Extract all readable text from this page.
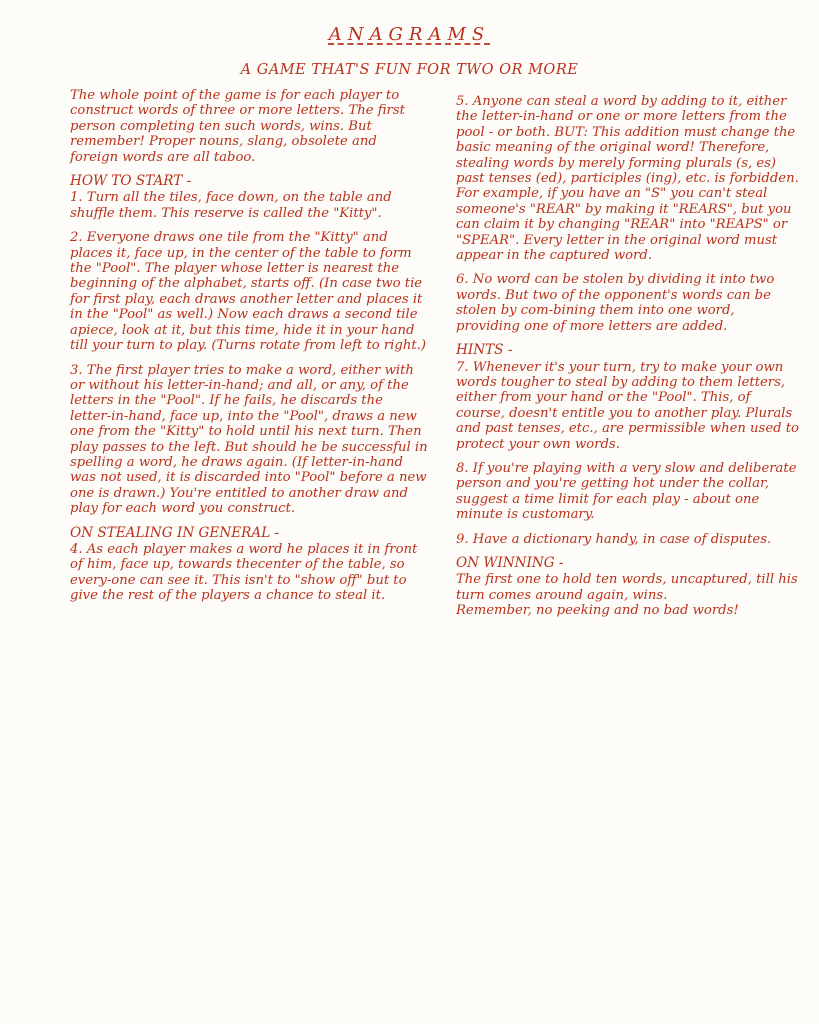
ANAGRAMS
A GAME THAT'S FUN FOR TWO OR MORE

The whole point of the game is for each player to construct words of three or more letters. The first person completing ten such words, wins. But remember! Proper nouns, slang, obsolete and foreign words are all taboo.

HOW TO START -

1. Turn all the tiles, face down, on the table and shuffle them. This reserve is called the "Kitty".

2. Everyone draws one tile from the "Kitty" and places it, face up, in the center of the table to form the "Pool". The player whose letter is nearest the beginning of the alphabet, starts off. (In case two tie for first play, each draws another letter and places it in the "Pool" as well.) Now each draws a second tile apiece, look at it, but this time, hide it in your hand till your turn to play. (Turns rotate from left to right.)

3. The first player tries to make a word, either with or without his letter-in-hand; and all, or any, of the letters in the "Pool". If he fails, he discards the letter-in-hand, face up, into the "Pool", draws a new one from the "Kitty" to hold until his next turn. Then play passes to the left. But should he be successful in spelling a word, he draws again. (If letter-in-hand was not used, it is discarded into "Pool" before a new one is drawn.) You're entitled to another draw and play for each word you construct.

ON STEALING IN GENERAL -

4. As each player makes a word he places it in front of him, face up, towards thecenter of the table, so every-one can see it. This isn't to "show off" but to give the rest of the players a chance to steal it.

5. Anyone can steal a word by adding to it, either the letter-in-hand or one or more letters from the pool - or both. BUT: This addition must change the basic meaning of the original word! Therefore, stealing words by merely forming plurals (s, es) past tenses (ed), participles (ing), etc. is forbidden. For example, if you have an "S" you can't steal someone's "REAR" by making it "REARS", but you can claim it by changing "REAR" into "REAPS" or "SPEAR". Every letter in the original word must appear in the captured word.

6. No word can be stolen by dividing it into two words. But two of the opponent's words can be stolen by com-bining them into one word, providing one of more letters are added.

HINTS -

7. Whenever it's your turn, try to make your own words tougher to steal by adding to them letters, either from your hand or the "Pool". This, of course, doesn't entitle you to another play. Plurals and past tenses, etc., are permissible when used to protect your own words.

8. If you're playing with a very slow and deliberate person and you're getting hot under the collar, suggest a time limit for each play - about one minute is customary.

9. Have a dictionary handy, in case of disputes.

ON WINNING -

The first one to hold ten words, uncaptured, till his turn comes around again, wins.

Remember, no peeking and no bad words!
